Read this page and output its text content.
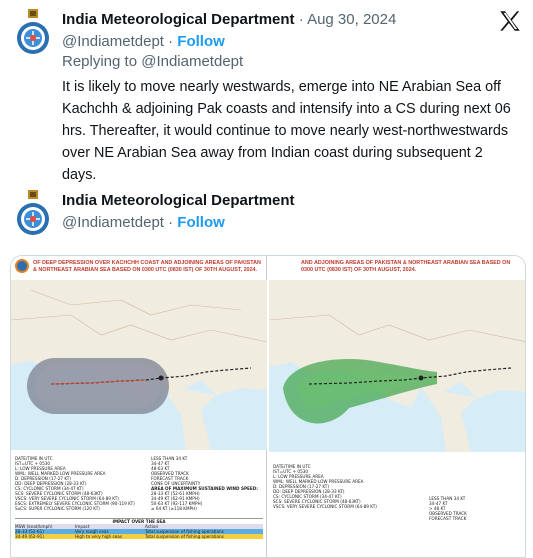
India Meteorological Department · Aug 30, 2024
@Indiametdept · Follow
Replying to @Indiametdept
It is likely to move nearly westwards, emerge into NE Arabian Sea off Kachchh & adjoining Pak coasts and intensify into a CS during next 06 hrs. Thereafter, it would continue to move nearly west-northwestwards over NE Arabian Sea away from Indian coast during subsequent 2 days.
India Meteorological Department
@Indiametdept · Follow
OF DEEP DEPRESSION OVER KACHCHH COAST AND ADJOINING AREAS OF PAKISTAN & NORTHEAST ARABIAN SEA BASED ON 0300 UTC (0830 IST) OF 30TH AUGUST, 2024.
DATE/TIME IN UTC
IST=UTC + 0530
L: LOW PRESSURE AREA
WML: WELL MARKED LOW PRESSURE AREA
D: DEPRESSION (17-27 KT)
DD: DEEP DEPRESSION (28-33 KT)
CS: CYCLONIC STORM (34-47 KT)
SCS: SEVERE CYCLONIC STORM (48-63KT)
VSCS: VERY SEVERE CYCLONIC STORM (64-89 KT)
ESCS: EXTREMELY SEVERE CYCLONIC STORM (90-119 KT)
SuCS: SUPER CYCLONIC STORM (120 KT)
LESS THAN 34 KT
34-47 KT
48-63 KT
OBSERVED TRACK
FORECAST TRACK
CONE OF UNCERTAINTY
AREA OF MAXIMUM SUSTAINED WIND SPEED:
28-33 KT (52-61 KMPH)
34-49 KT (62-91 KMPH)
50-63 KT (92-117 KMPH)
≥ 64 KT (≥118 KMPH)
IMPACT OVER THE SEA
MSW (knot/kmph)	Impact	Action
28-33 (52-61)	Very rough seas	Total suspension of fishing operations
34-49 (62-91)	High to very high seas	Total suspension of fishing operations
AND ADJOINING AREAS OF PAKISTAN & NORTHEAST ARABIAN SEA BASED ON 0300 UTC (0830 IST) OF 30TH AUGUST, 2024.
DATE/TIME IN UTC
IST=UTC + 0530
L: LOW PRESSURE AREA
WML: WELL MARKED LOW PRESSURE AREA
D: DEPRESSION (17-27 KT)
DD: DEEP DEPRESSION (28-33 KT)
CS: CYCLONIC STORM (34-47 KT)
SCS: SEVERE CYCLONIC STORM (48-63KT)
VSCS: VERY SEVERE CYCLONIC STORM (64-89 KT)
LESS THAN 34 KT
34-47 KT
> 48 KT
OBSERVED TRACK
FORECAST TRACK
